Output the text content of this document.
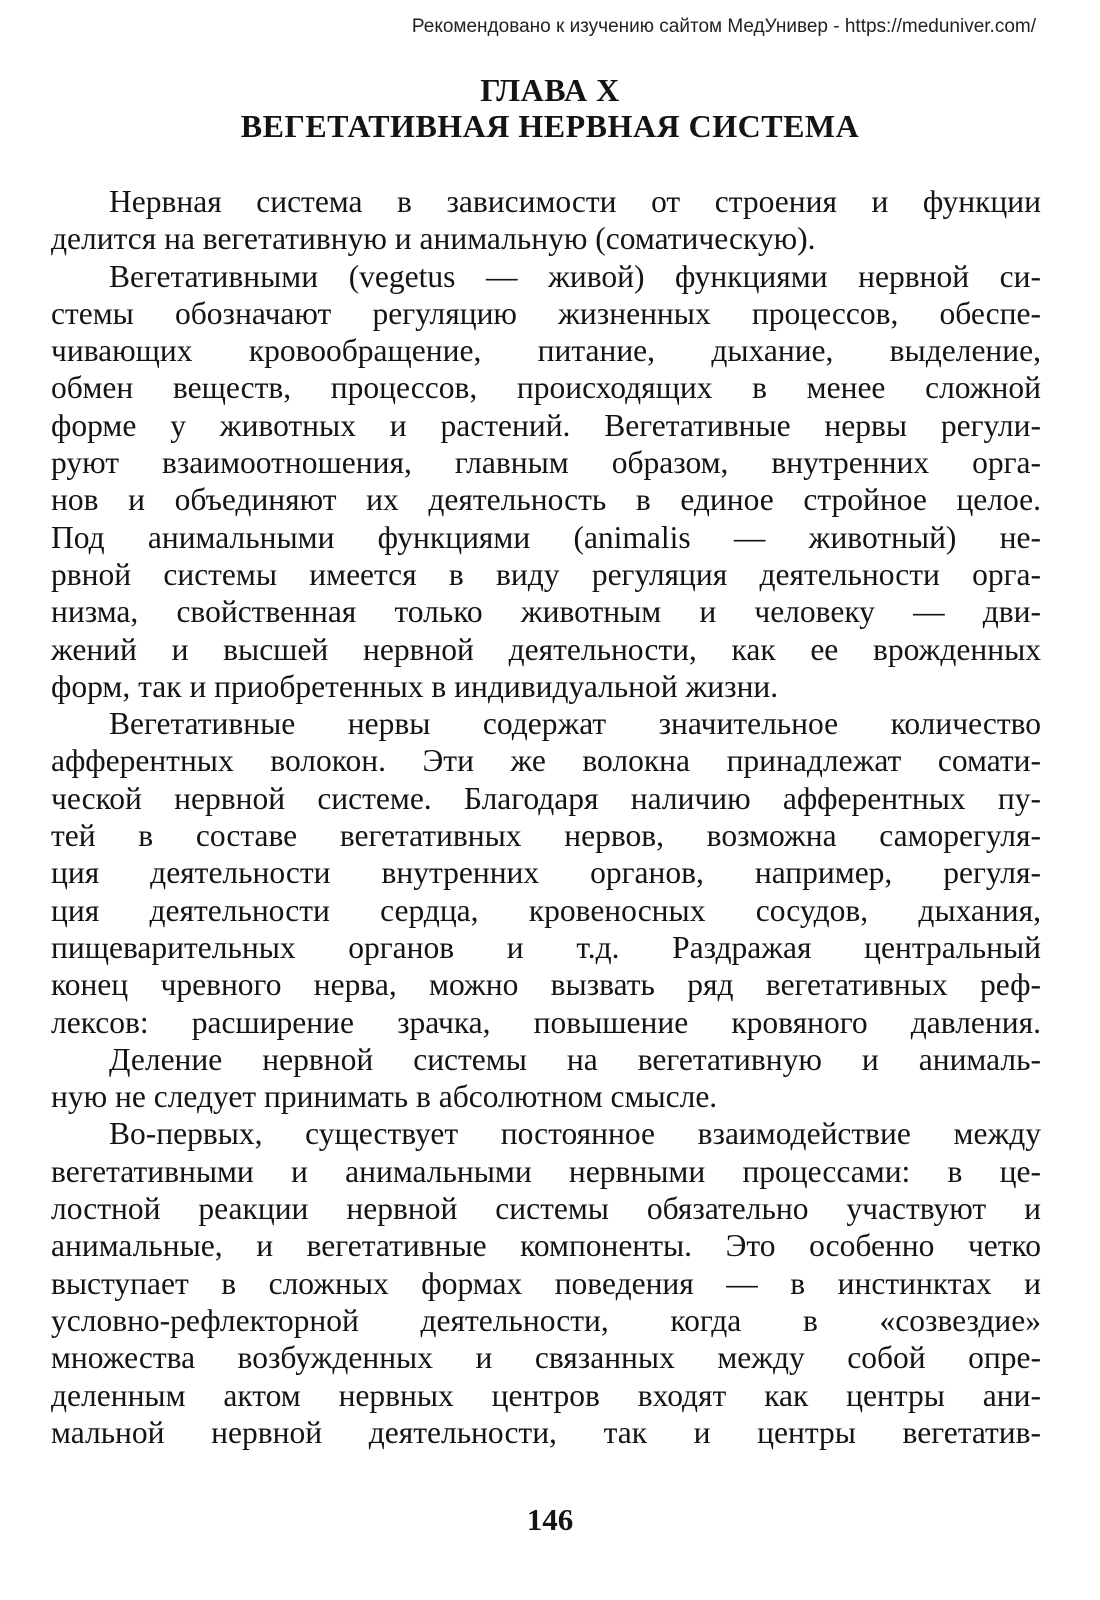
Рекомендовано к изучению сайтом МедУнивер - https://meduniver.com/
ГЛАВА X
ВЕГЕТАТИВНАЯ НЕРВНАЯ СИСТЕМА
Нервная система в зависимости от строения и функции
делится на вегетативную и анимальную (соматическую).
Вегетативными (vegetus — живой) функциями нервной си-
стемы обозначают регуляцию жизненных процессов, обеспе-
чивающих кровообращение, питание, дыхание, выделение,
обмен веществ, процессов, происходящих в менее сложной
форме у животных и растений. Вегетативные нервы регули-
руют взаимоотношения, главным образом, внутренних орга-
нов и объединяют их деятельность в единое стройное целое.
Под анимальными функциями (animalis — животный) не-
рвной системы имеется в виду регуляция деятельности орга-
низма, свойственная только животным и человеку — дви-
жений и высшей нервной деятельности, как ее врожденных
форм, так и приобретенных в индивидуальной жизни.
Вегетативные нервы содержат значительное количество
афферентных волокон. Эти же волокна принадлежат сомати-
ческой нервной системе. Благодаря наличию афферентных пу-
тей в составе вегетативных нервов, возможна саморегуля-
ция деятельности внутренних органов, например, регуля-
ция деятельности сердца, кровеносных сосудов, дыхания,
пищеварительных органов и т.д. Раздражая центральный
конец чревного нерва, можно вызвать ряд вегетативных реф-
лексов: расширение зрачка, повышение кровяного давления.
Деление нервной системы на вегетативную и анималь-
ную не следует принимать в абсолютном смысле.
Во-первых, существует постоянное взаимодействие между
вегетативными и анимальными нервными процессами: в це-
лостной реакции нервной системы обязательно участвуют и
анимальные, и вегетативные компоненты. Это особенно четко
выступает в сложных формах поведения — в инстинктах и
условно-рефлекторной деятельности, когда в «созвездие»
множества возбужденных и связанных между собой опре-
деленным актом нервных центров входят как центры ани-
мальной нервной деятельности, так и центры вегетатив-
146
